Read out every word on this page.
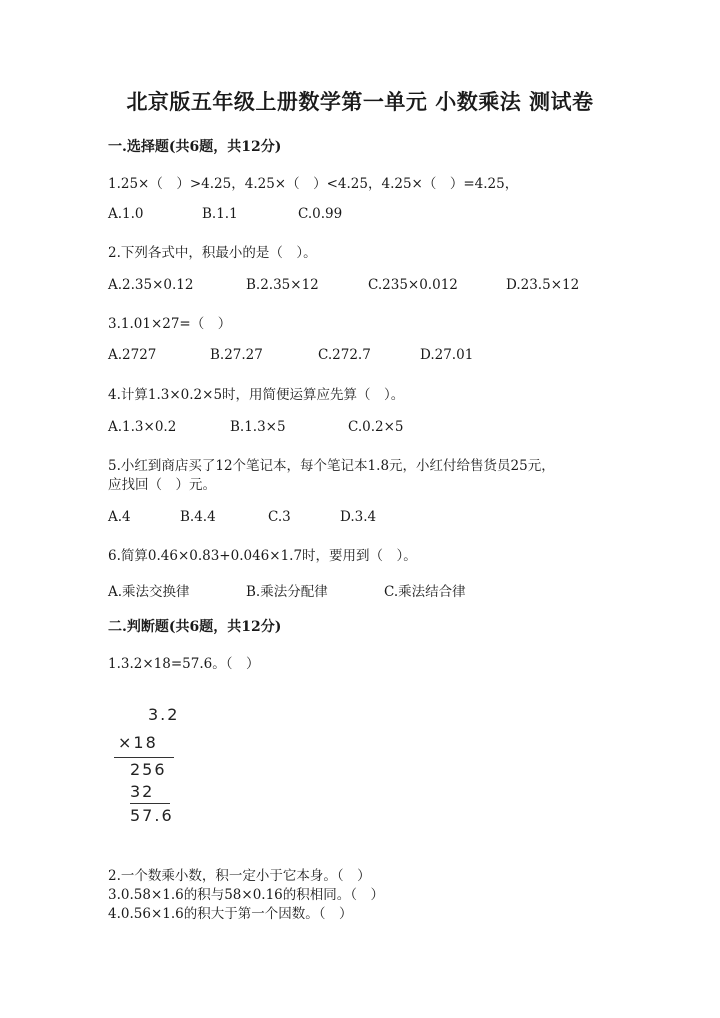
北京版五年级上册数学第一单元 小数乘法 测试卷
一.选择题(共6题，共12分)
1.25×（　）>4.25，4.25×（　）<4.25，4.25×（　）=4.25，
A.1.0	B.1.1	C.0.99
2.下列各式中，积最小的是（　）。
A.2.35×0.12	B.2.35×12	C.235×0.012	D.23.5×12
3.1.01×27=（　）
A.2727	B.27.27	C.272.7	D.27.01
4.计算1.3×0.2×5时，用简便运算应先算（　）。
A.1.3×0.2	B.1.3×5	C.0.2×5
5.小红到商店买了12个笔记本，每个笔记本1.8元，小红付给售货员25元，
应找回（　）元。
A.4	B.4.4	C.3	D.3.4
6.简算0.46×0.83+0.046×1.7时，要用到（　）。
A.乘法交换律	B.乘法分配律	C.乘法结合律
二.判断题(共6题，共12分)
1.3.2×18=57.6。（　）
3.2
×18
256
32
57.6
2.一个数乘小数，积一定小于它本身。（　）
3.0.58×1.6的积与58×0.16的积相同。（　）
4.0.56×1.6的积大于第一个因数。（　）
